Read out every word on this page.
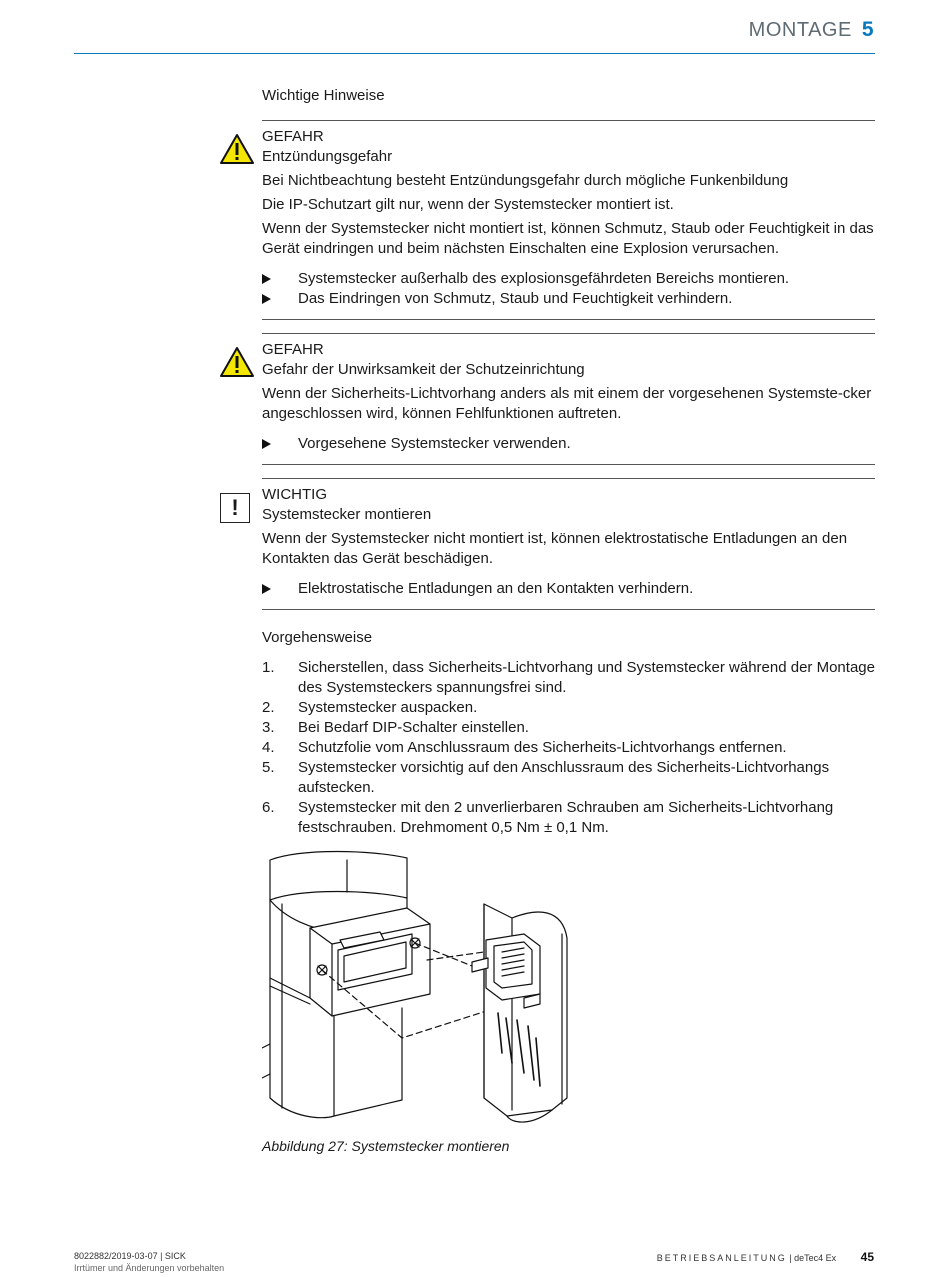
MONTAGE 5

Wichtige Hinweise

GEFAHR

Entzündungsgefahr

Bei Nichtbeachtung besteht Entzündungsgefahr durch mögliche Funkenbildung

Die IP-Schutzart gilt nur, wenn der Systemstecker montiert ist.

Wenn der Systemstecker nicht montiert ist, können Schmutz, Staub oder Feuchtigkeit in das Gerät eindringen und beim nächsten Einschalten eine Explosion verursachen.

Systemstecker außerhalb des explosionsgefährdeten Bereichs montieren.
Das Eindringen von Schmutz, Staub und Feuchtigkeit verhindern.

GEFAHR

Gefahr der Unwirksamkeit der Schutzeinrichtung

Wenn der Sicherheits-Lichtvorhang anders als mit einem der vorgesehenen Systemste-cker angeschlossen wird, können Fehlfunktionen auftreten.

Vorgesehene Systemstecker verwenden.
!

WICHTIG

Systemstecker montieren

Wenn der Systemstecker nicht montiert ist, können elektrostatische Entladungen an den Kontakten das Gerät beschädigen.

Elektrostatische Entladungen an den Kontakten verhindern.

Vorgehensweise

1. Sicherstellen, dass Sicherheits-Lichtvorhang und Systemstecker während der Montage des Systemsteckers spannungsfrei sind.
2. Systemstecker auspacken.
3. Bei Bedarf DIP-Schalter einstellen.
4. Schutzfolie vom Anschlussraum des Sicherheits-Lichtvorhangs entfernen.
5. Systemstecker vorsichtig auf den Anschlussraum des Sicherheits-Lichtvorhangs aufstecken.
6. Systemstecker mit den 2 unverlierbaren Schrauben am Sicherheits-Lichtvorhang festschrauben. Drehmoment 0,5 Nm ± 0,1 Nm.
Abbildung 27: Systemstecker montieren
8022882/2019-03-07 | SICK
Irrtümer und Änderungen vorbehalten
BETRIEBSANLEITUNG | deTec4 Ex 45
